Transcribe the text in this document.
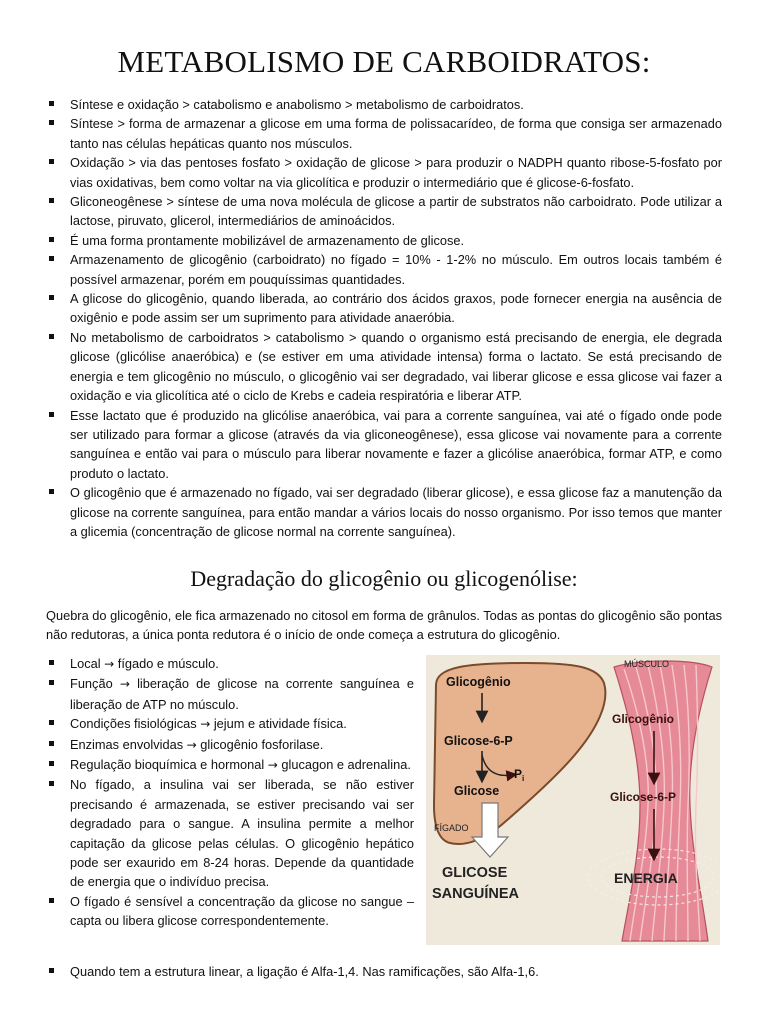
METABOLISMO DE CARBOIDRATOS:
Síntese e oxidação > catabolismo e anabolismo > metabolismo de carboidratos.
Síntese > forma de armazenar a glicose em uma forma de polissacarídeo, de forma que consiga ser armazenado tanto nas células hepáticas quanto nos músculos.
Oxidação > via das pentoses fosfato > oxidação de glicose > para produzir o NADPH quanto ribose-5-fosfato por vias oxidativas, bem como voltar na via glicolítica e produzir o intermediário que é glicose-6-fosfato.
Gliconeogênese > síntese de uma nova molécula de glicose a partir de substratos não carboidrato. Pode utilizar a lactose, piruvato, glicerol, intermediários de aminoácidos.
É uma forma prontamente mobilizável de armazenamento de glicose.
Armazenamento de glicogênio (carboidrato) no fígado = 10% - 1-2% no músculo. Em outros locais também é possível armazenar, porém em pouquíssimas quantidades.
A glicose do glicogênio, quando liberada, ao contrário dos ácidos graxos, pode fornecer energia na ausência de oxigênio e pode assim ser um suprimento para atividade anaeróbia.
No metabolismo de carboidratos > catabolismo > quando o organismo está precisando de energia, ele degrada glicose (glicólise anaeróbica) e (se estiver em uma atividade intensa) forma o lactato. Se está precisando de energia e tem glicogênio no músculo, o glicogênio vai ser degradado, vai liberar glicose e essa glicose vai fazer a oxidação e via glicolítica até o ciclo de Krebs e cadeia respiratória e liberar ATP.
Esse lactato que é produzido na glicólise anaeróbica, vai para a corrente sanguínea, vai até o fígado onde pode ser utilizado para formar a glicose (através da via gliconeogênese), essa glicose vai novamente para a corrente sanguínea e então vai para o músculo para liberar novamente e fazer a glicólise anaeróbica, formar ATP, e como produto o lactato.
O glicogênio que é armazenado no fígado, vai ser degradado (liberar glicose), e essa glicose faz a manutenção da glicose na corrente sanguínea, para então mandar a vários locais do nosso organismo. Por isso temos que manter a glicemia (concentração de glicose normal na corrente sanguínea).
Degradação do glicogênio ou glicogenólise:

Quebra do glicogênio, ele fica armazenado no citosol em forma de grânulos. Todas as pontas do glicogênio são pontas não redutoras, a única ponta redutora é o início de onde começa a estrutura do glicogênio.

Local → fígado e músculo.
Função → liberação de glicose na corrente sanguínea e liberação de ATP no músculo.
Condições fisiológicas → jejum e atividade física.
Enzimas envolvidas → glicogênio fosforilase.
Regulação bioquímica e hormonal → glucagon e adrenalina.
No fígado, a insulina vai ser liberada, se não estiver precisando é armazenada, se estiver precisando vai ser degradado para o sangue. A insulina permite a melhor capitação da glicose pelas células. O glicogênio hepático pode ser exaurido em 8-24 horas. Depende da quantidade de energia que o indivíduo precisa.
O fígado é sensível a concentração da glicose no sangue – capta ou libera glicose correspondentemente.
Quando tem a estrutura linear, a ligação é Alfa-1,4. Nas ramificações, são Alfa-1,6.
Glicogênio
Glicose-6-P
$P_i$
Glicose
FÍGADO
GLICOSE
SANGUÍNEA
MÚSCULO
Glicogênio
Glicose-6-P
ENERGIA
